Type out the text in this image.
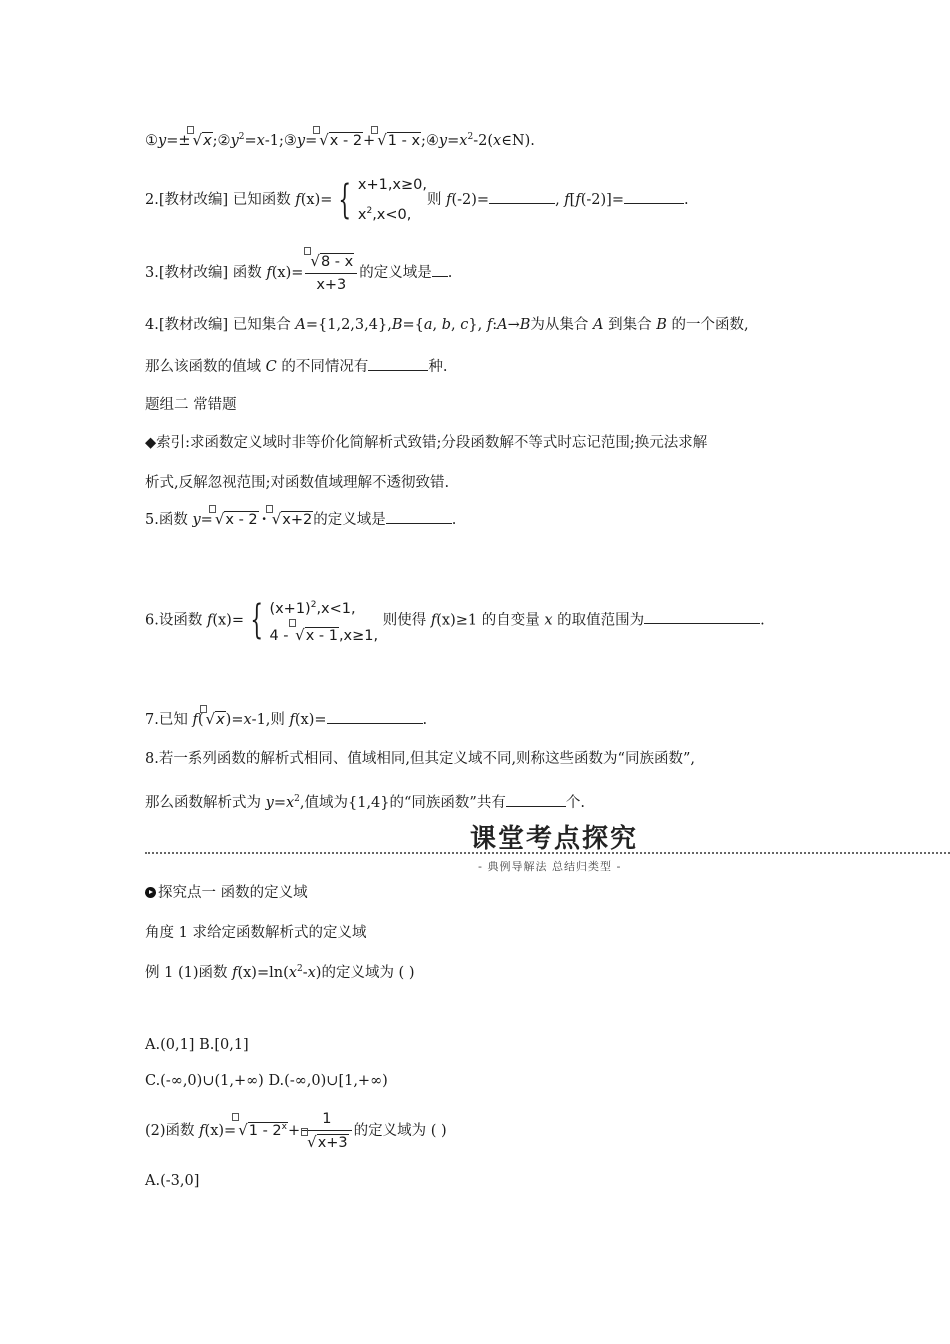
①y=± $√x;②y^2=x-1;③y= √x - 2+ √1$ - $x;④y=x^2-2(x\in N)$.
2.[教材改编] 已知函数 f(x)= { x+1,x≥0,
$x^2,x<0$,
则 f(-2)=	, f[f(-2)]=	.
3.[教材改编] 函数 $f(x)= \frac{√8 - x}{x+3}$ 的定义域是 .
4.[教材改编] 已知集合 A={1,2,3,4},B={a, b, c}, f:A→B为从集合 A 到集合 B 的一个函数,
那么该函数的值域 C 的不同情况有	种.
题组二 常错题
◆索引:求函数定义域时非等价化简解析式致错;分段函数解不等式时忘记范围;换元法求解
析式,反解忽视范围;对函数值域理解不透彻致错.
5.函数 y= √x - 2 · √x+2的定义域是	.
6.设函数 f(x)= { $(x+1)^2,x<1$,
4 -
√x - 1,x≥1,
则使得 f(x)≥1 的自变量 x 的取值范围为	.
7.已知 f( √x)=x-1,则 f(x)=	.
8.若一系列函数的解析式相同、值域相同,但其定义域不同,则称这些函数为“同族函数”,
那么函数解析式为 $y=x^2$,值域为{1,4}的“同族函数”共有	个.
课堂考点探究
- 典例导解法 总结归类型 -
探究点一 函数的定义域
角度 1 求给定函数解析式的定义域
例 1 (1)函数 $f(x)=\ln(x^2-x)$的定义域为 ( )
A.(0,1] B.[0,1]
C.(-∞,0)∪(1,+∞) D.(-∞,0)∪[1,+∞)
(2)函数 $f(x)= √1 - 2^x+ \frac{1}{√x+3}$ 的定义域为 ( )
A.(-3,0]
